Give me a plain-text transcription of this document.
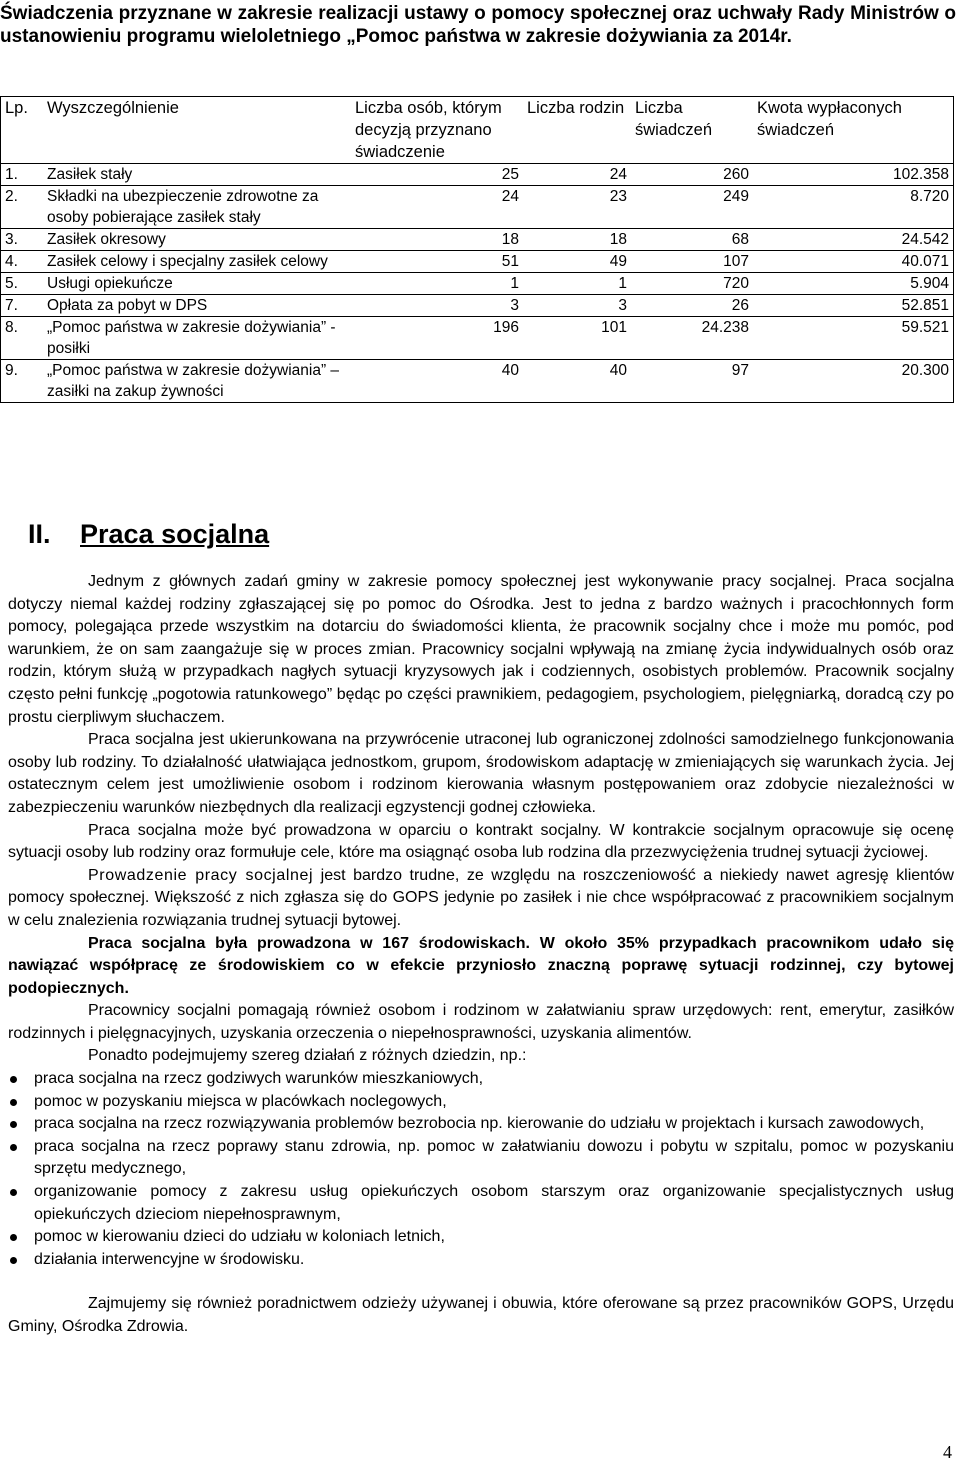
Świadczenia przyznane w zakresie realizacji ustawy o pomocy społecznej oraz uchwały Rady Ministrów o ustanowieniu programu wieloletniego „Pomoc państwa w zakresie dożywiania za 2014r.
Lp.	Wyszczególnienie	Liczba osób, którym decyzją przyznano świadczenie	Liczba rodzin	Liczba świadczeń	Kwota wypłaconych świadczeń
1.	Zasiłek stały	25	24	260	102.358
2.	Składki na ubezpieczenie zdrowotne za osoby pobierające zasiłek stały	24	23	249	8.720
3.	Zasiłek okresowy	18	18	68	24.542
4.	Zasiłek celowy i specjalny zasiłek celowy	51	49	107	40.071
5.	Usługi opiekuńcze	1	1	720	5.904
7.	Opłata za pobyt w DPS	3	3	26	52.851
8.	„Pomoc państwa w zakresie dożywiania” - posiłki	196	101	24.238	59.521
9.	„Pomoc państwa w zakresie dożywiania” – zasiłki na zakup żywności	40	40	97	20.300
II. Praca socjalna

Jednym z głównych zadań gminy w zakresie pomocy społecznej jest wykonywanie pracy socjalnej. Praca socjalna dotyczy niemal każdej rodziny zgłaszającej się po pomoc do Ośrodka. Jest to jedna z bardzo ważnych i pracochłonnych form pomocy, polegająca przede wszystkim na dotarciu do świadomości klienta, że pracownik socjalny chce i może mu pomóc, pod warunkiem, że on sam zaangażuje się w proces zmian. Pracownicy socjalni wpływają na zmianę życia indywidualnych osób oraz rodzin, którym służą w przypadkach nagłych sytuacji kryzysowych jak i codziennych, osobistych problemów. Pracownik socjalny często pełni funkcję „pogotowia ratunkowego” będąc po części prawnikiem, pedagogiem, psychologiem, pielęgniarką, doradcą czy po prostu cierpliwym słuchaczem.

Praca socjalna jest ukierunkowana na przywrócenie utraconej lub ograniczonej zdolności samodzielnego funkcjonowania osoby lub rodziny. To działalność ułatwiająca jednostkom, grupom, środowiskom adaptację w zmieniających się warunkach życia. Jej ostatecznym celem jest umożliwienie osobom i rodzinom kierowania własnym postępowaniem oraz zdobycie niezależności w zabezpieczeniu warunków niezbędnych dla realizacji egzystencji godnej człowieka.

Praca socjalna może być prowadzona w oparciu o kontrakt socjalny. W kontrakcie socjalnym opracowuje się ocenę sytuacji osoby lub rodziny oraz formułuje cele, które ma osiągnąć osoba lub rodzina dla przezwyciężenia trudnej sytuacji życiowej.

Prowadzenie pracy socjalnej jest bardzo trudne, ze względu na roszczeniowość a niekiedy nawet agresję klientów pomocy społecznej. Większość z nich zgłasza się do GOPS jedynie po zasiłek i nie chce współpracować z pracownikiem socjalnym w celu znalezienia rozwiązania trudnej sytuacji bytowej.

Praca socjalna była prowadzona w 167 środowiskach. W około 35% przypadkach pracownikom udało się nawiązać współpracę ze środowiskiem co w efekcie przyniosło znaczną poprawę sytuacji rodzinnej, czy bytowej podopiecznych.

Pracownicy socjalni pomagają również osobom i rodzinom w załatwianiu spraw urzędowych: rent, emerytur, zasiłków rodzinnych i pielęgnacyjnych, uzyskania orzeczenia o niepełnosprawności, uzyskania alimentów.

Ponadto podejmujemy szereg działań z różnych dziedzin, np.:

praca socjalna na rzecz godziwych warunków mieszkaniowych,
pomoc w pozyskaniu miejsca w placówkach noclegowych,
praca socjalna na rzecz rozwiązywania problemów bezrobocia np. kierowanie do udziału w projektach i kursach zawodowych,
praca socjalna na rzecz poprawy stanu zdrowia, np. pomoc w załatwianiu dowozu i pobytu w szpitalu, pomoc w pozyskaniu sprzętu medycznego,
organizowanie pomocy z zakresu usług opiekuńczych osobom starszym oraz organizowanie specjalistycznych usług opiekuńczych dzieciom niepełnosprawnym,
pomoc w kierowaniu dzieci do udziału w koloniach letnich,
działania interwencyjne w środowisku.

Zajmujemy się również poradnictwem odzieży używanej i obuwia, które oferowane są przez pracowników GOPS, Urzędu Gminy, Ośrodka Zdrowia.

4
